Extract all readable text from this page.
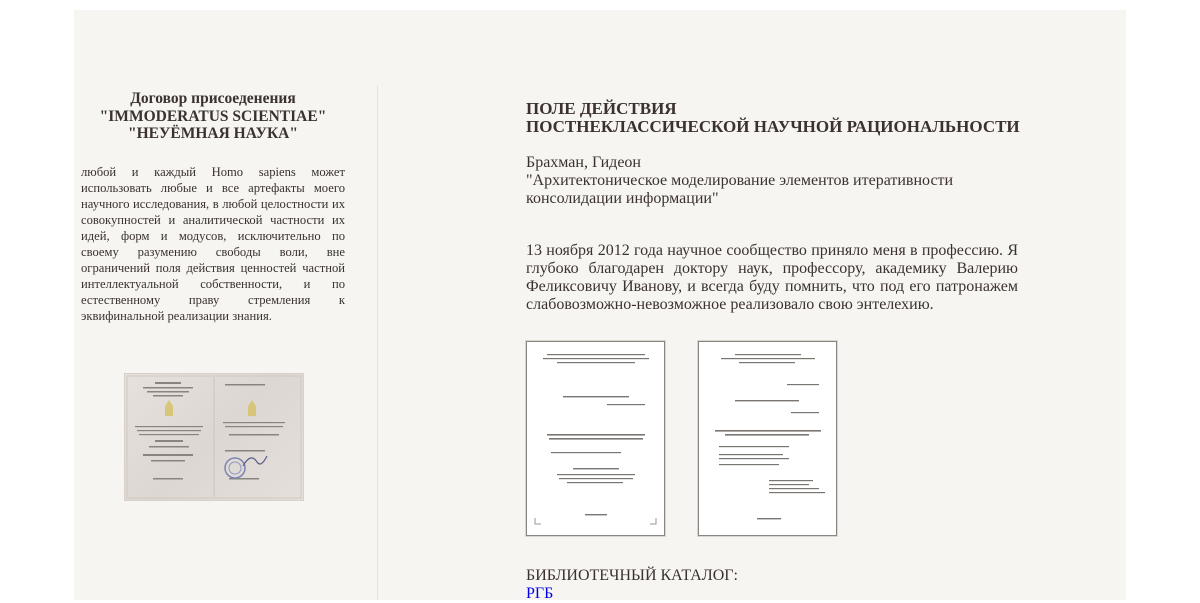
Договор присоеденения
"IMMODERATUS SCIENTIAE"
"НЕУЁМНАЯ НАУКА"
любой и каждый Homo sapiens может использовать любые и все артефакты моего научного исследования, в любой целостности их совокупностей и аналитической частности их идей, форм и модусов, исключительно по своему разумению свободы воли, вне ограничений поля действия ценностей частной интеллектуальной собственности, и по естественному праву стремления к эквифинальной реализации знания.
ПОЛЕ ДЕЙСТВИЯ
ПОСТНЕКЛАССИЧЕСКОЙ НАУЧНОЙ РАЦИОНАЛЬНОСТИ
Брахман, Гидеон
"Архитектоническое моделирование элементов итеративности
консолидации информации"
13 ноября 2012 года научное сообщество приняло меня в профессию. Я глубоко благодарен доктору наук, профессору, академику Валерию Феликсовичу Иванову, и всегда буду помнить, что под его патронажем слабовозможно-невозможное реализовало свою энтелехию.
БИБЛИОТЕЧНЫЙ КАТАЛОГ:
РГБ
